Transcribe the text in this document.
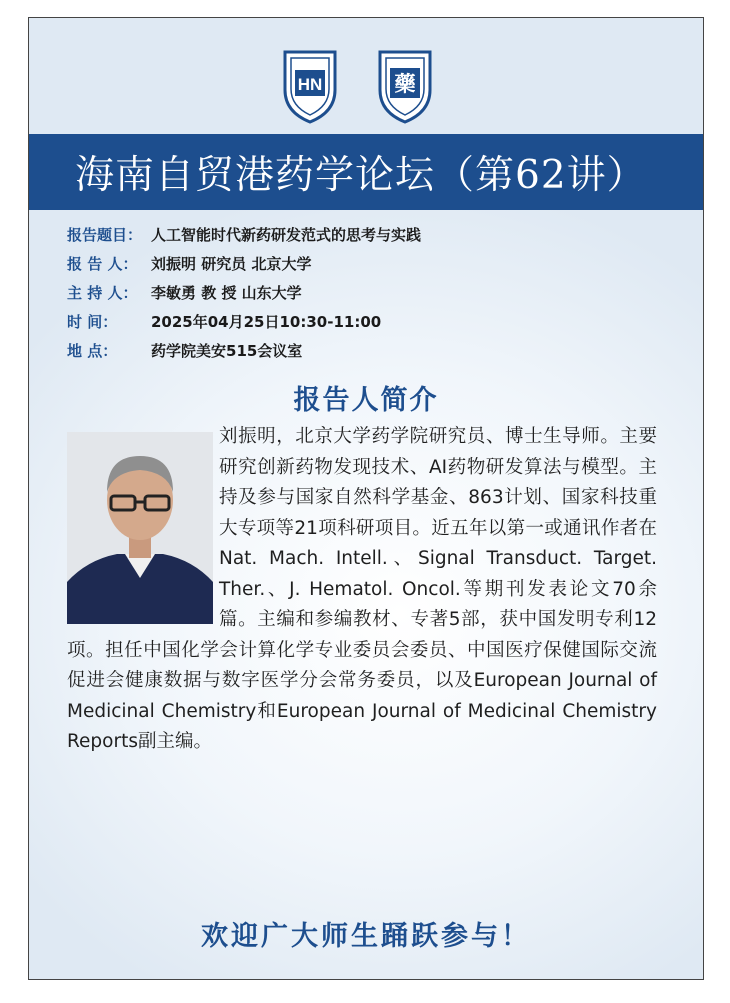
HN	藥
海南自贸港药学论坛（第62讲）
报告题目： 人工智能时代新药研发范式的思考与实践
报 告 人： 刘振明 研究员 北京大学
主 持 人： 李敏勇 教 授 山东大学
时 间： 2025年04月25日10:30-11:00
地 点： 药学院美安515会议室
报告人简介
刘振明，北京大学药学院研究员、博士生导师。主要研究创新药物发现技术、AI药物研发算法与模型。主持及参与国家自然科学基金、863计划、国家科技重大专项等21项科研项目。近五年以第一或通讯作者在Nat. Mach. Intell.、Signal Transduct. Target. Ther.、J. Hematol. Oncol.等期刊发表论文70余篇。主编和参编教材、专著5部，获中国发明专利12项。担任中国化学会计算化学专业委员会委员、中国医疗保健国际交流促进会健康数据与数字医学分会常务委员，以及European Journal of Medicinal Chemistry和European Journal of Medicinal Chemistry Reports副主编。
欢迎广大师生踊跃参与！
